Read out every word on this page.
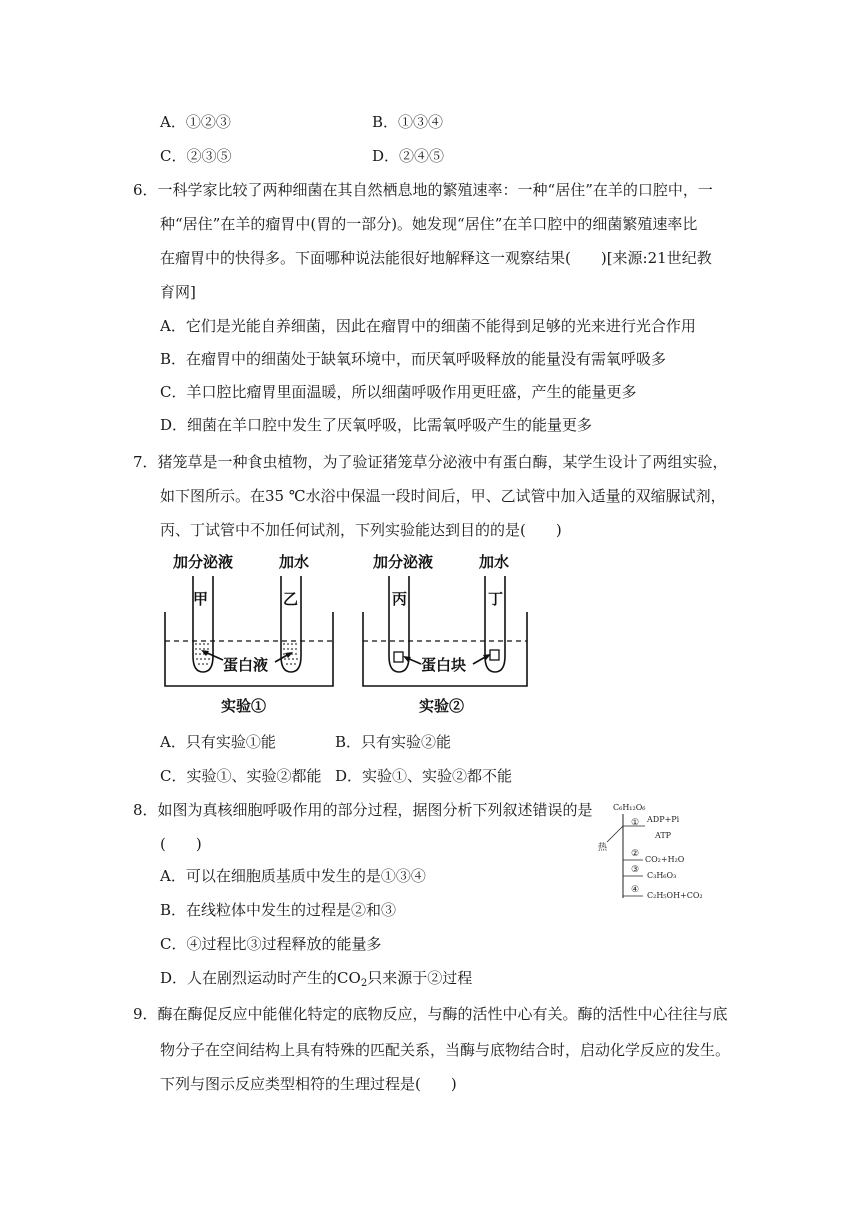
A．①②③	B．①③④
C．②③⑤	D．②④⑤
6．一科学家比较了两种细菌在其自然栖息地的繁殖速率：一种“居住”在羊的口腔中，一
种“居住”在羊的瘤胃中(胃的一部分)。她发现“居住”在羊口腔中的细菌繁殖速率比
在瘤胃中的快得多。下面哪种说法能很好地解释这一观察结果(　　)[来源:21世纪教
育网]
A．它们是光能自养细菌，因此在瘤胃中的细菌不能得到足够的光来进行光合作用
B．在瘤胃中的细菌处于缺氧环境中，而厌氧呼吸释放的能量没有需氧呼吸多
C．羊口腔比瘤胃里面温暖，所以细菌呼吸作用更旺盛，产生的能量更多
D．细菌在羊口腔中发生了厌氧呼吸，比需氧呼吸产生的能量更多
7．猪笼草是一种食虫植物，为了验证猪笼草分泌液中有蛋白酶，某学生设计了两组实验，
如下图所示。在35 ℃水浴中保温一段时间后，甲、乙试管中加入适量的双缩脲试剂，
丙、丁试管中不加任何试剂，下列实验能达到目的的是(　　)
加分泌液	加水
甲	乙
蛋白液
实验①
加分泌液	加水
丙	丁
蛋白块
实验②
A．只有实验①能	B．只有实验②能
C．实验①、实验②都能 D．实验①、实验②都不能
8．如图为真核细胞呼吸作用的部分过程，据图分析下列叙述错误的是
(　　)
A．可以在细胞质基质中发生的是①③④
B．在线粒体中发生的过程是②和③
C．④过程比③过程释放的能量多
D．人在剧烈运动时产生的$CO_2$只来源于②过程
C₆H₁₂O₆
热
① ADP+Pi
ATP
②
CO₂+H₂O
③
C₃H₆O₃
④
C₂H₅OH+CO₂
9．酶在酶促反应中能催化特定的底物反应，与酶的活性中心有关。酶的活性中心往往与底
物分子在空间结构上具有特殊的匹配关系，当酶与底物结合时，启动化学反应的发生。
下列与图示反应类型相符的生理过程是(　　)
